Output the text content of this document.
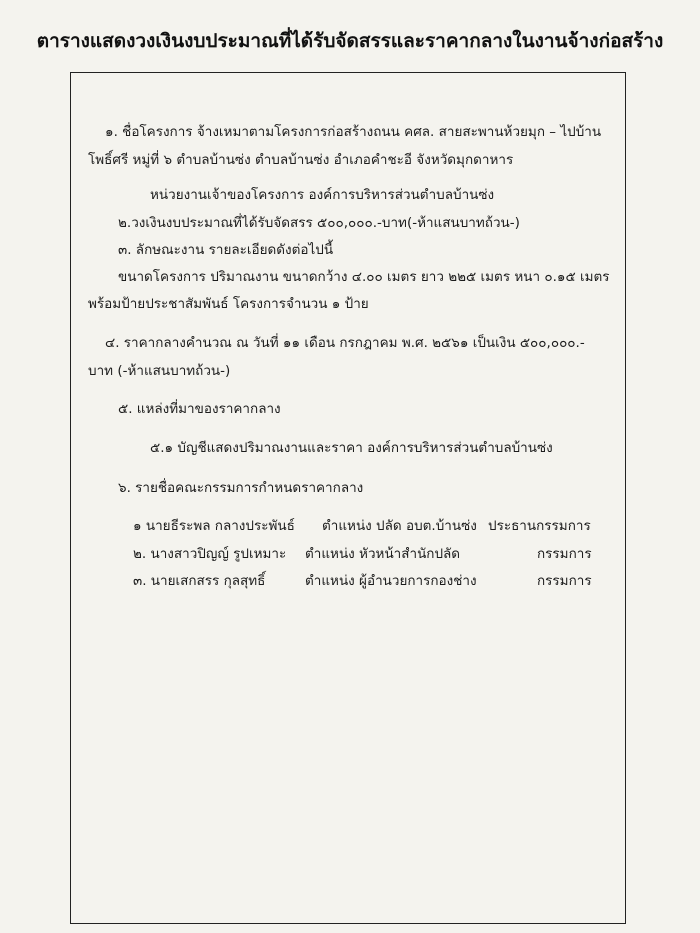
ตารางแสดงวงเงินงบประมาณที่ได้รับจัดสรรและราคากลางในงานจ้างก่อสร้าง
๑. ชื่อโครงการ จ้างเหมาตามโครงการก่อสร้างถนน คศล. สายสะพานห้วยมุก – ไปบ้าน
โพธิ์ศรี หมู่ที่ ๖ ตำบลบ้านซ่ง ตำบลบ้านซ่ง อำเภอคำชะอี จังหวัดมุกดาหาร
หน่วยงานเจ้าของโครงการ องค์การบริหารส่วนตำบลบ้านซ่ง
๒.วงเงินงบประมาณที่ได้รับจัดสรร ๕๐๐,๐๐๐.-บาท(-ห้าแสนบาทถ้วน-)
๓. ลักษณะงาน รายละเอียดดังต่อไปนี้
ขนาดโครงการ ปริมาณงาน ขนาดกว้าง ๔.๐๐ เมตร ยาว ๒๒๕ เมตร หนา ๐.๑๕ เมตร
พร้อมป้ายประชาสัมพันธ์ โครงการจำนวน ๑ ป้าย
๔. ราคากลางคำนวณ ณ วันที่ ๑๑ เดือน กรกฎาคม พ.ศ. ๒๕๖๑ เป็นเงิน ๕๐๐,๐๐๐.-
บาท (-ห้าแสนบาทถ้วน-)
๕. แหล่งที่มาของราคากลาง
๕.๑ บัญชีแสดงปริมาณงานและราคา องค์การบริหารส่วนตำบลบ้านซ่ง
๖. รายชื่อคณะกรรมการกำหนดราคากลาง
๑ นายธีระพล กลางประพันธ์ ตำแหน่ง ปลัด อบต.บ้านซ่ง ประธานกรรมการ
๒. นางสาวปิญญ์ รูปเหมาะ ตำแหน่ง หัวหน้าสำนักปลัด	กรรมการ
๓. นายเสกสรร กุลสุทธิ์	ตำแหน่ง ผู้อำนวยการกองช่าง	กรรมการ
